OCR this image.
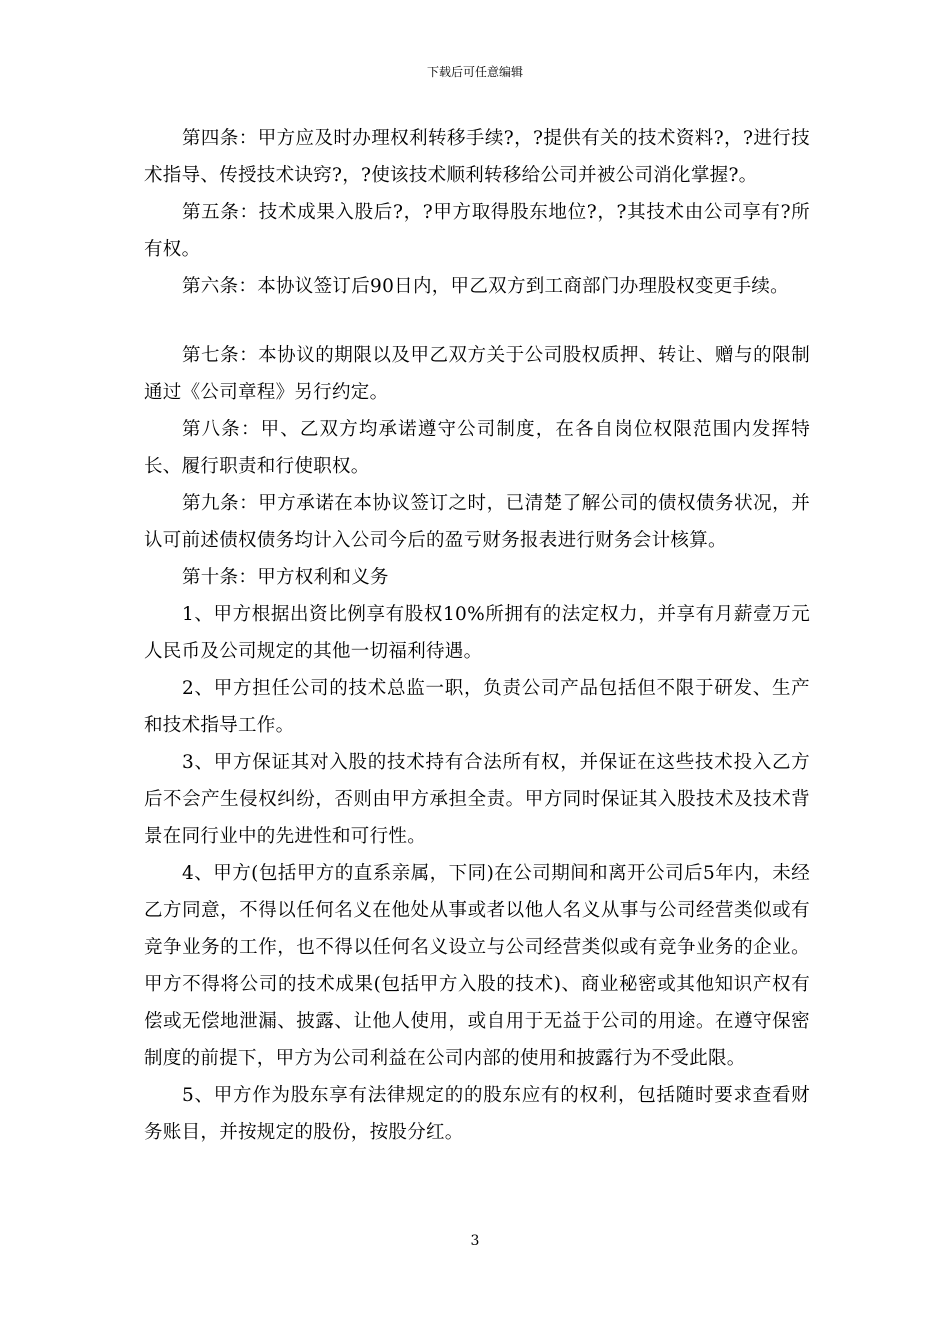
下载后可任意编辑

第四条：甲方应及时办理权利转移手续?，?提供有关的技术资料?，?进行技术指导、传授技术诀窍?，?使该技术顺利转移给公司并被公司消化掌握?。

第五条：技术成果入股后?，?甲方取得股东地位?，?其技术由公司享有?所有权。

第六条：本协议签订后90日内，甲乙双方到工商部门办理股权变更手续。

第七条：本协议的期限以及甲乙双方关于公司股权质押、转让、赠与的限制通过《公司章程》另行约定。

第八条：甲、乙双方均承诺遵守公司制度，在各自岗位权限范围内发挥特长、履行职责和行使职权。

第九条：甲方承诺在本协议签订之时，已清楚了解公司的债权债务状况，并认可前述债权债务均计入公司今后的盈亏财务报表进行财务会计核算。

第十条：甲方权利和义务

1、甲方根据出资比例享有股权10%所拥有的法定权力，并享有月薪壹万元人民币及公司规定的其他一切福利待遇。

2、甲方担任公司的技术总监一职，负责公司产品包括但不限于研发、生产和技术指导工作。

3、甲方保证其对入股的技术持有合法所有权，并保证在这些技术投入乙方后不会产生侵权纠纷，否则由甲方承担全责。甲方同时保证其入股技术及技术背景在同行业中的先进性和可行性。

4、甲方(包括甲方的直系亲属，下同)在公司期间和离开公司后5年内，未经乙方同意，不得以任何名义在他处从事或者以他人名义从事与公司经营类似或有竞争业务的工作，也不得以任何名义设立与公司经营类似或有竞争业务的企业。甲方不得将公司的技术成果(包括甲方入股的技术)、商业秘密或其他知识产权有偿或无偿地泄漏、披露、让他人使用，或自用于无益于公司的用途。在遵守保密制度的前提下，甲方为公司利益在公司内部的使用和披露行为不受此限。

5、甲方作为股东享有法律规定的的股东应有的权利，包括随时要求查看财务账目，并按规定的股份，按股分红。

3
